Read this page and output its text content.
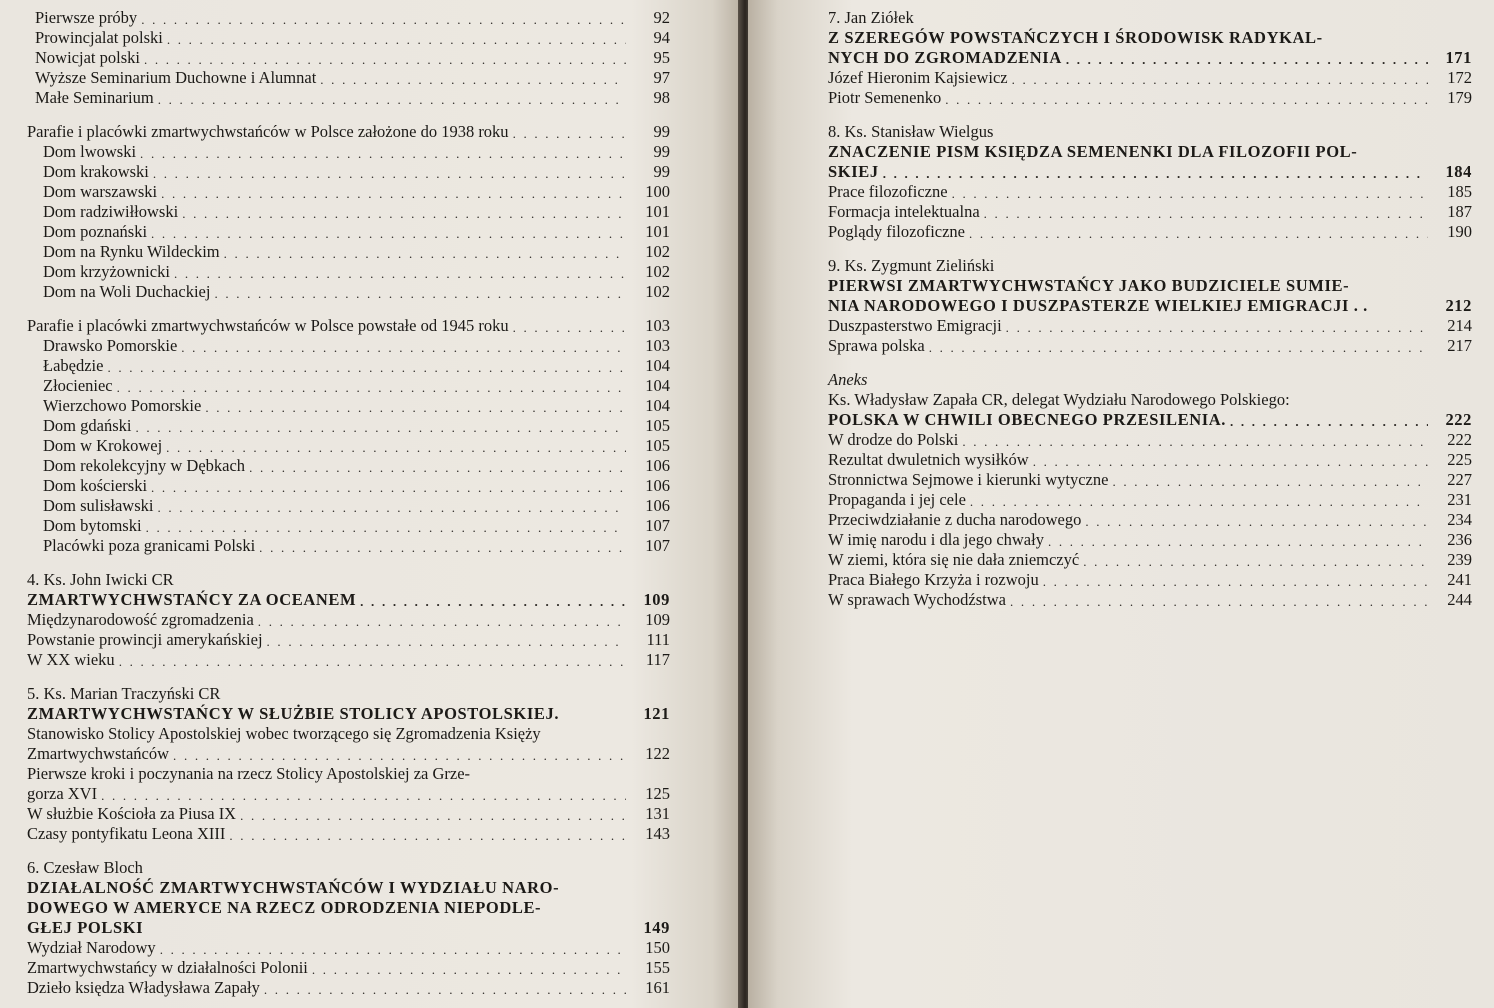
Pierwsze próby . . .	92
Prowincjalat polski . . .	94
Nowicjat polski . . .	95
Wyższe Seminarium Duchowne i Alumnat . . .	97
Małe Seminarium . . .	98
Parafie i placówki zmartwychwstańców w Polsce założone do 1938 roku . . .	99
Dom lwowski . . .	99
Dom krakowski . . .	99
Dom warszawski . . .	100
Dom radziwiłłowski . . .	101
Dom poznański . . .	101
Dom na Rynku Wildeckim . . .	102
Dom krzyżownicki . . .	102
Dom na Woli Duchackiej . . .	102
Parafie i placówki zmartwychwstańców w Polsce powstałe od 1945 roku . . .	103
Drawsko Pomorskie . . .	103
Łabędzie . . .	104
Złocieniec . . .	104
Wierzchowo Pomorskie . . .	104
Dom gdański . . .	105
Dom w Krokowej . . .	105
Dom rekolekcyjny w Dębkach . . .	106
Dom kościerski . . .	106
Dom sulisławski . . .	106
Dom bytomski . . .	107
Placówki poza granicami Polski . . .	107
4. Ks. John Iwicki CR
ZMARTWYCHWSTAŃCY ZA OCEANEM . . .	109
Międzynarodowość zgromadzenia . . .	109
Powstanie prowincji amerykańskiej . . .	111
W XX wieku . . .	117
5. Ks. Marian Traczyński CR
ZMARTWYCHWSTAŃCY W SŁUŻBIE STOLICY APOSTOLSKIEJ.	121
Stanowisko Stolicy Apostolskiej wobec tworzącego się Zgromadzenia Księży
Zmartwychwstańców . . .	122
Pierwsze kroki i poczynania na rzecz Stolicy Apostolskiej za Grze-
gorza XVI . . .	125
W służbie Kościoła za Piusa IX . . .	131
Czasy pontyfikatu Leona XIII . . .	143
6. Czesław Bloch
DZIAŁALNOŚĆ ZMARTWYCHWSTAŃCÓW I WYDZIAŁU NARO-
DOWEGO W AMERYCE NA RZECZ ODRODZENIA NIEPODLE-
GŁEJ POLSKI	149
Wydział Narodowy . . .	150
Zmartwychwstańcy w działalności Polonii . . .	155
Dzieło księdza Władysława Zapały . . .	161
7. Jan Ziółek
Z SZEREGÓW POWSTAŃCZYCH I ŚRODOWISK RADYKAL-
NYCH DO ZGROMADZENIA . . .	171
Józef Hieronim Kajsiewicz . . .	172
Piotr Semenenko . . .	179
8. Ks. Stanisław Wielgus
ZNACZENIE PISM KSIĘDZA SEMENENKI DLA FILOZOFII POL-
SKIEJ . . .	184
Prace filozoficzne . . .	185
Formacja intelektualna . . .	187
Poglądy filozoficzne . . .	190
9. Ks. Zygmunt Zieliński
PIERWSI ZMARTWYCHWSTAŃCY JAKO BUDZICIELE SUMIE-
NIA NARODOWEGO I DUSZPASTERZE WIELKIEJ EMIGRACJI . .	212
Duszpasterstwo Emigracji . . .	214
Sprawa polska . . .	217
Aneks
Ks. Władysław Zapała CR, delegat Wydziału Narodowego Polskiego:
POLSKA W CHWILI OBECNEGO PRZESILENIA. . . .	222
W drodze do Polski . . .	222
Rezultat dwuletnich wysiłków . . .	225
Stronnictwa Sejmowe i kierunki wytyczne . . .	227
Propaganda i jej cele . . .	231
Przeciwdziałanie z ducha narodowego . . .	234
W imię narodu i dla jego chwały . . .	236
W ziemi, która się nie dała zniemczyć . . .	239
Praca Białego Krzyża i rozwoju . . .	241
W sprawach Wychodźstwa . . .	244
